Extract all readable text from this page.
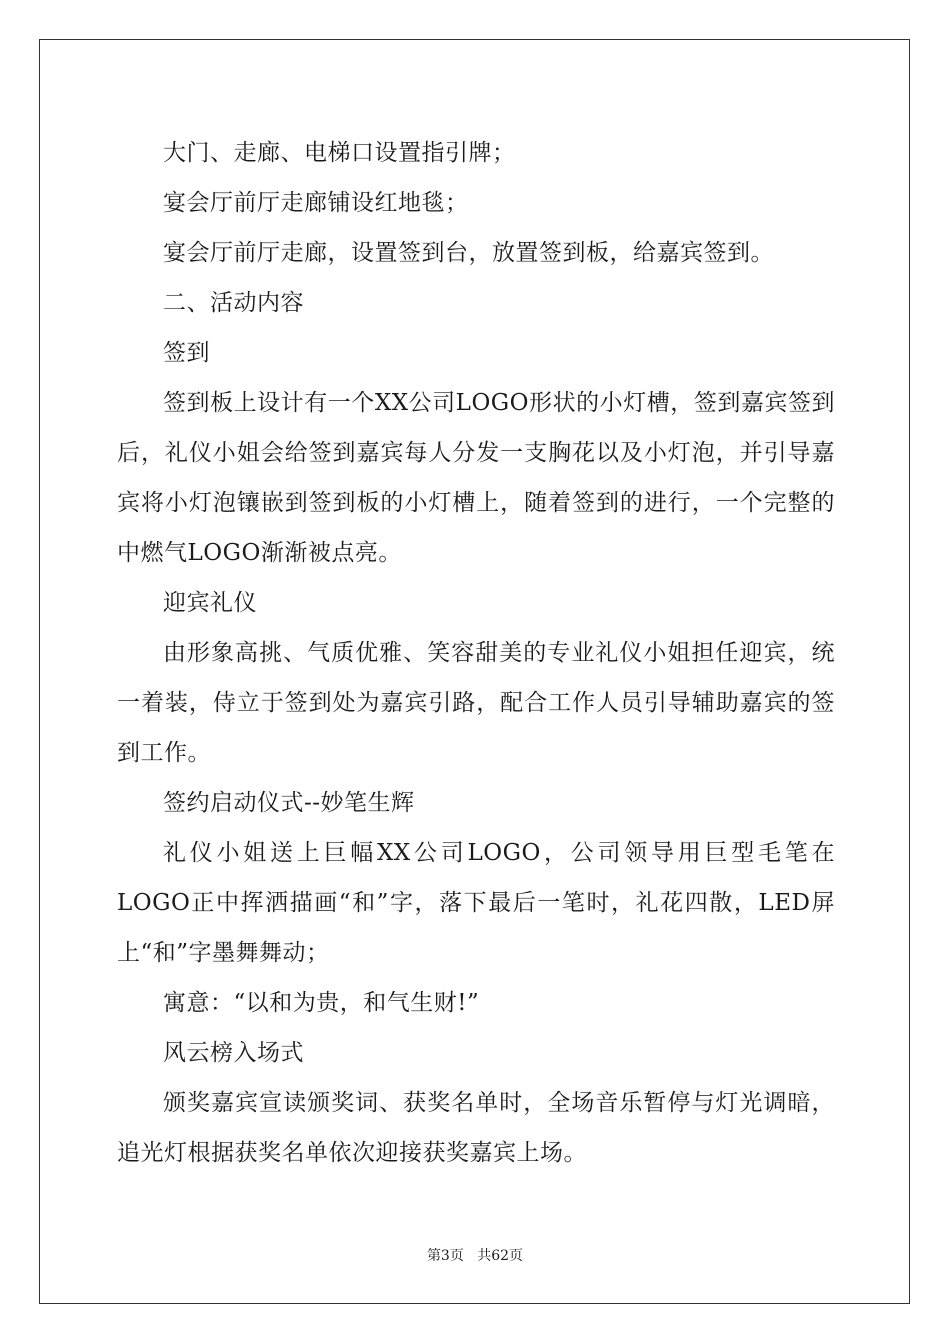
大门、走廊、电梯口设置指引牌；

宴会厅前厅走廊铺设红地毯；

宴会厅前厅走廊，设置签到台，放置签到板，给嘉宾签到。

二、活动内容

签到

签到板上设计有一个XX公司LOGO形状的小灯槽，签到嘉宾签到后，礼仪小姐会给签到嘉宾每人分发一支胸花以及小灯泡，并引导嘉宾将小灯泡镶嵌到签到板的小灯槽上，随着签到的进行，一个完整的中燃气LOGO渐渐被点亮。

迎宾礼仪

由形象高挑、气质优雅、笑容甜美的专业礼仪小姐担任迎宾，统一着装，侍立于签到处为嘉宾引路，配合工作人员引导辅助嘉宾的签到工作。

签约启动仪式--妙笔生辉

礼仪小姐送上巨幅XX公司LOGO，公司领导用巨型毛笔在LOGO正中挥洒描画“和”字，落下最后一笔时，礼花四散，LED屏上“和”字墨舞舞动；

寓意：“以和为贵，和气生财!”

风云榜入场式

颁奖嘉宾宣读颁奖词、获奖名单时，全场音乐暂停与灯光调暗，追光灯根据获奖名单依次迎接获奖嘉宾上场。

第3页 共62页
